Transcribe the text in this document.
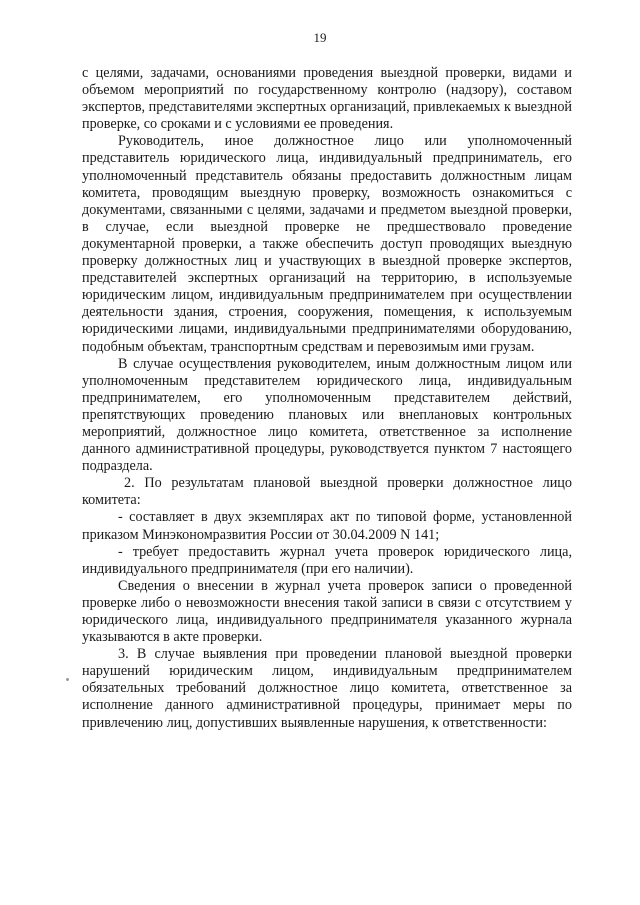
19

с целями, задачами, основаниями проведения выездной проверки, видами и объемом мероприятий по государственному контролю (надзору), составом экспертов, представителями экспертных организаций, привлекаемых к выездной проверке, со сроками и с условиями ее проведения.

Руководитель, иное должностное лицо или уполномоченный представитель юридического лица, индивидуальный предприниматель, его уполномоченный представитель обязаны предоставить должностным лицам комитета, проводящим выездную проверку, возможность ознакомиться с документами, связанными с целями, задачами и предметом выездной проверки, в случае, если выездной проверке не предшествовало проведение документарной проверки, а также обеспечить доступ проводящих выездную проверку должностных лиц и участвующих в выездной проверке экспертов, представителей экспертных организаций на территорию, в используемые юридическим лицом, индивидуальным предпринимателем при осуществлении деятельности здания, строения, сооружения, помещения, к используемым юридическими лицами, индивидуальными предпринимателями оборудованию, подобным объектам, транспортным средствам и перевозимым ими грузам.

В случае осуществления руководителем, иным должностным лицом или уполномоченным представителем юридического лица, индивидуальным предпринимателем, его уполномоченным представителем действий, препятствующих проведению плановых или внеплановых контрольных мероприятий, должностное лицо комитета, ответственное за исполнение данного административной процедуры, руководствуется пунктом 7 настоящего подраздела.

2. По результатам плановой выездной проверки должностное лицо комитета:

- составляет в двух экземплярах акт по типовой форме, установленной приказом Минэкономразвития России от 30.04.2009 N 141;

- требует предоставить журнал учета проверок юридического лица, индивидуального предпринимателя (при его наличии).

Сведения о внесении в журнал учета проверок записи о проведенной проверке либо о невозможности внесения такой записи в связи с отсутствием у юридического лица, индивидуального предпринимателя указанного журнала указываются в акте проверки.

3. В случае выявления при проведении плановой выездной проверки нарушений юридическим лицом, индивидуальным предпринимателем обязательных требований должностное лицо комитета, ответственное за исполнение данного административной процедуры, принимает меры по привлечению лиц, допустивших выявленные нарушения, к ответственности:
